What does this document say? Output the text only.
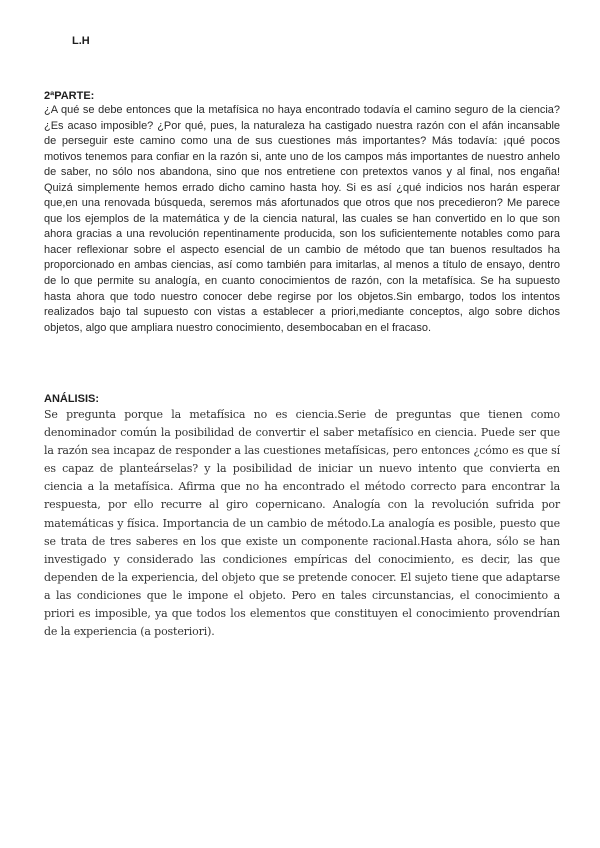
L.H

2ªPARTE:

¿A qué se debe entonces que la metafísica no haya encontrado todavía el camino seguro de la ciencia? ¿Es acaso imposible? ¿Por qué, pues, la naturaleza ha castigado nuestra razón con el afán incansable de perseguir este camino como una de sus cuestiones más importantes? Más todavía: ¡qué pocos motivos tenemos para confiar en la razón si, ante uno de los campos más importantes de nuestro anhelo de saber, no sólo nos abandona, sino que nos entretiene con pretextos vanos y al final, nos engaña! Quizá simplemente hemos errado dicho camino hasta hoy. Si es así ¿qué indicios nos harán esperar que,en una renovada búsqueda, seremos más afortunados que otros que nos precedieron? Me parece que los ejemplos de la matemática y de la ciencia natural, las cuales se han convertido en lo que son ahora gracias a una revolución repentinamente producida, son los suficientemente notables como para hacer reflexionar sobre el aspecto esencial de un cambio de método que tan buenos resultados ha proporcionado en ambas ciencias, así como también para imitarlas, al menos a título de ensayo, dentro de lo que permite su analogía, en cuanto conocimientos de razón, con la metafísica. Se ha supuesto hasta ahora que todo nuestro conocer debe regirse por los objetos.Sin embargo, todos los intentos realizados bajo tal supuesto con vistas a establecer a priori,mediante conceptos, algo sobre dichos objetos, algo que ampliara nuestro conocimiento, desembocaban en el fracaso.

ANÁLISIS:

Se pregunta porque la metafísica no es ciencia.Serie de preguntas que tienen como denominador común la posibilidad de convertir el saber metafísico en ciencia. Puede ser que la razón sea incapaz de responder a las cuestiones metafísicas, pero entonces ¿cómo es que sí es capaz de planteárselas? y la posibilidad de iniciar un nuevo intento que convierta en ciencia a la metafísica. Afirma que no ha encontrado el método correcto para encontrar la respuesta, por ello recurre al giro copernicano. Analogía con la revolución sufrida por matemáticas y física. Importancia de un cambio de método.La analogía es posible, puesto que se trata de tres saberes en los que existe un componente racional.Hasta ahora, sólo se han investigado y considerado las condiciones empíricas del conocimiento, es decir, las que dependen de la experiencia, del objeto que se pretende conocer. El sujeto tiene que adaptarse a las condiciones que le impone el objeto. Pero en tales circunstancias, el conocimiento a priori es imposible, ya que todos los elementos que constituyen el conocimiento provendrían de la experiencia (a posteriori).
